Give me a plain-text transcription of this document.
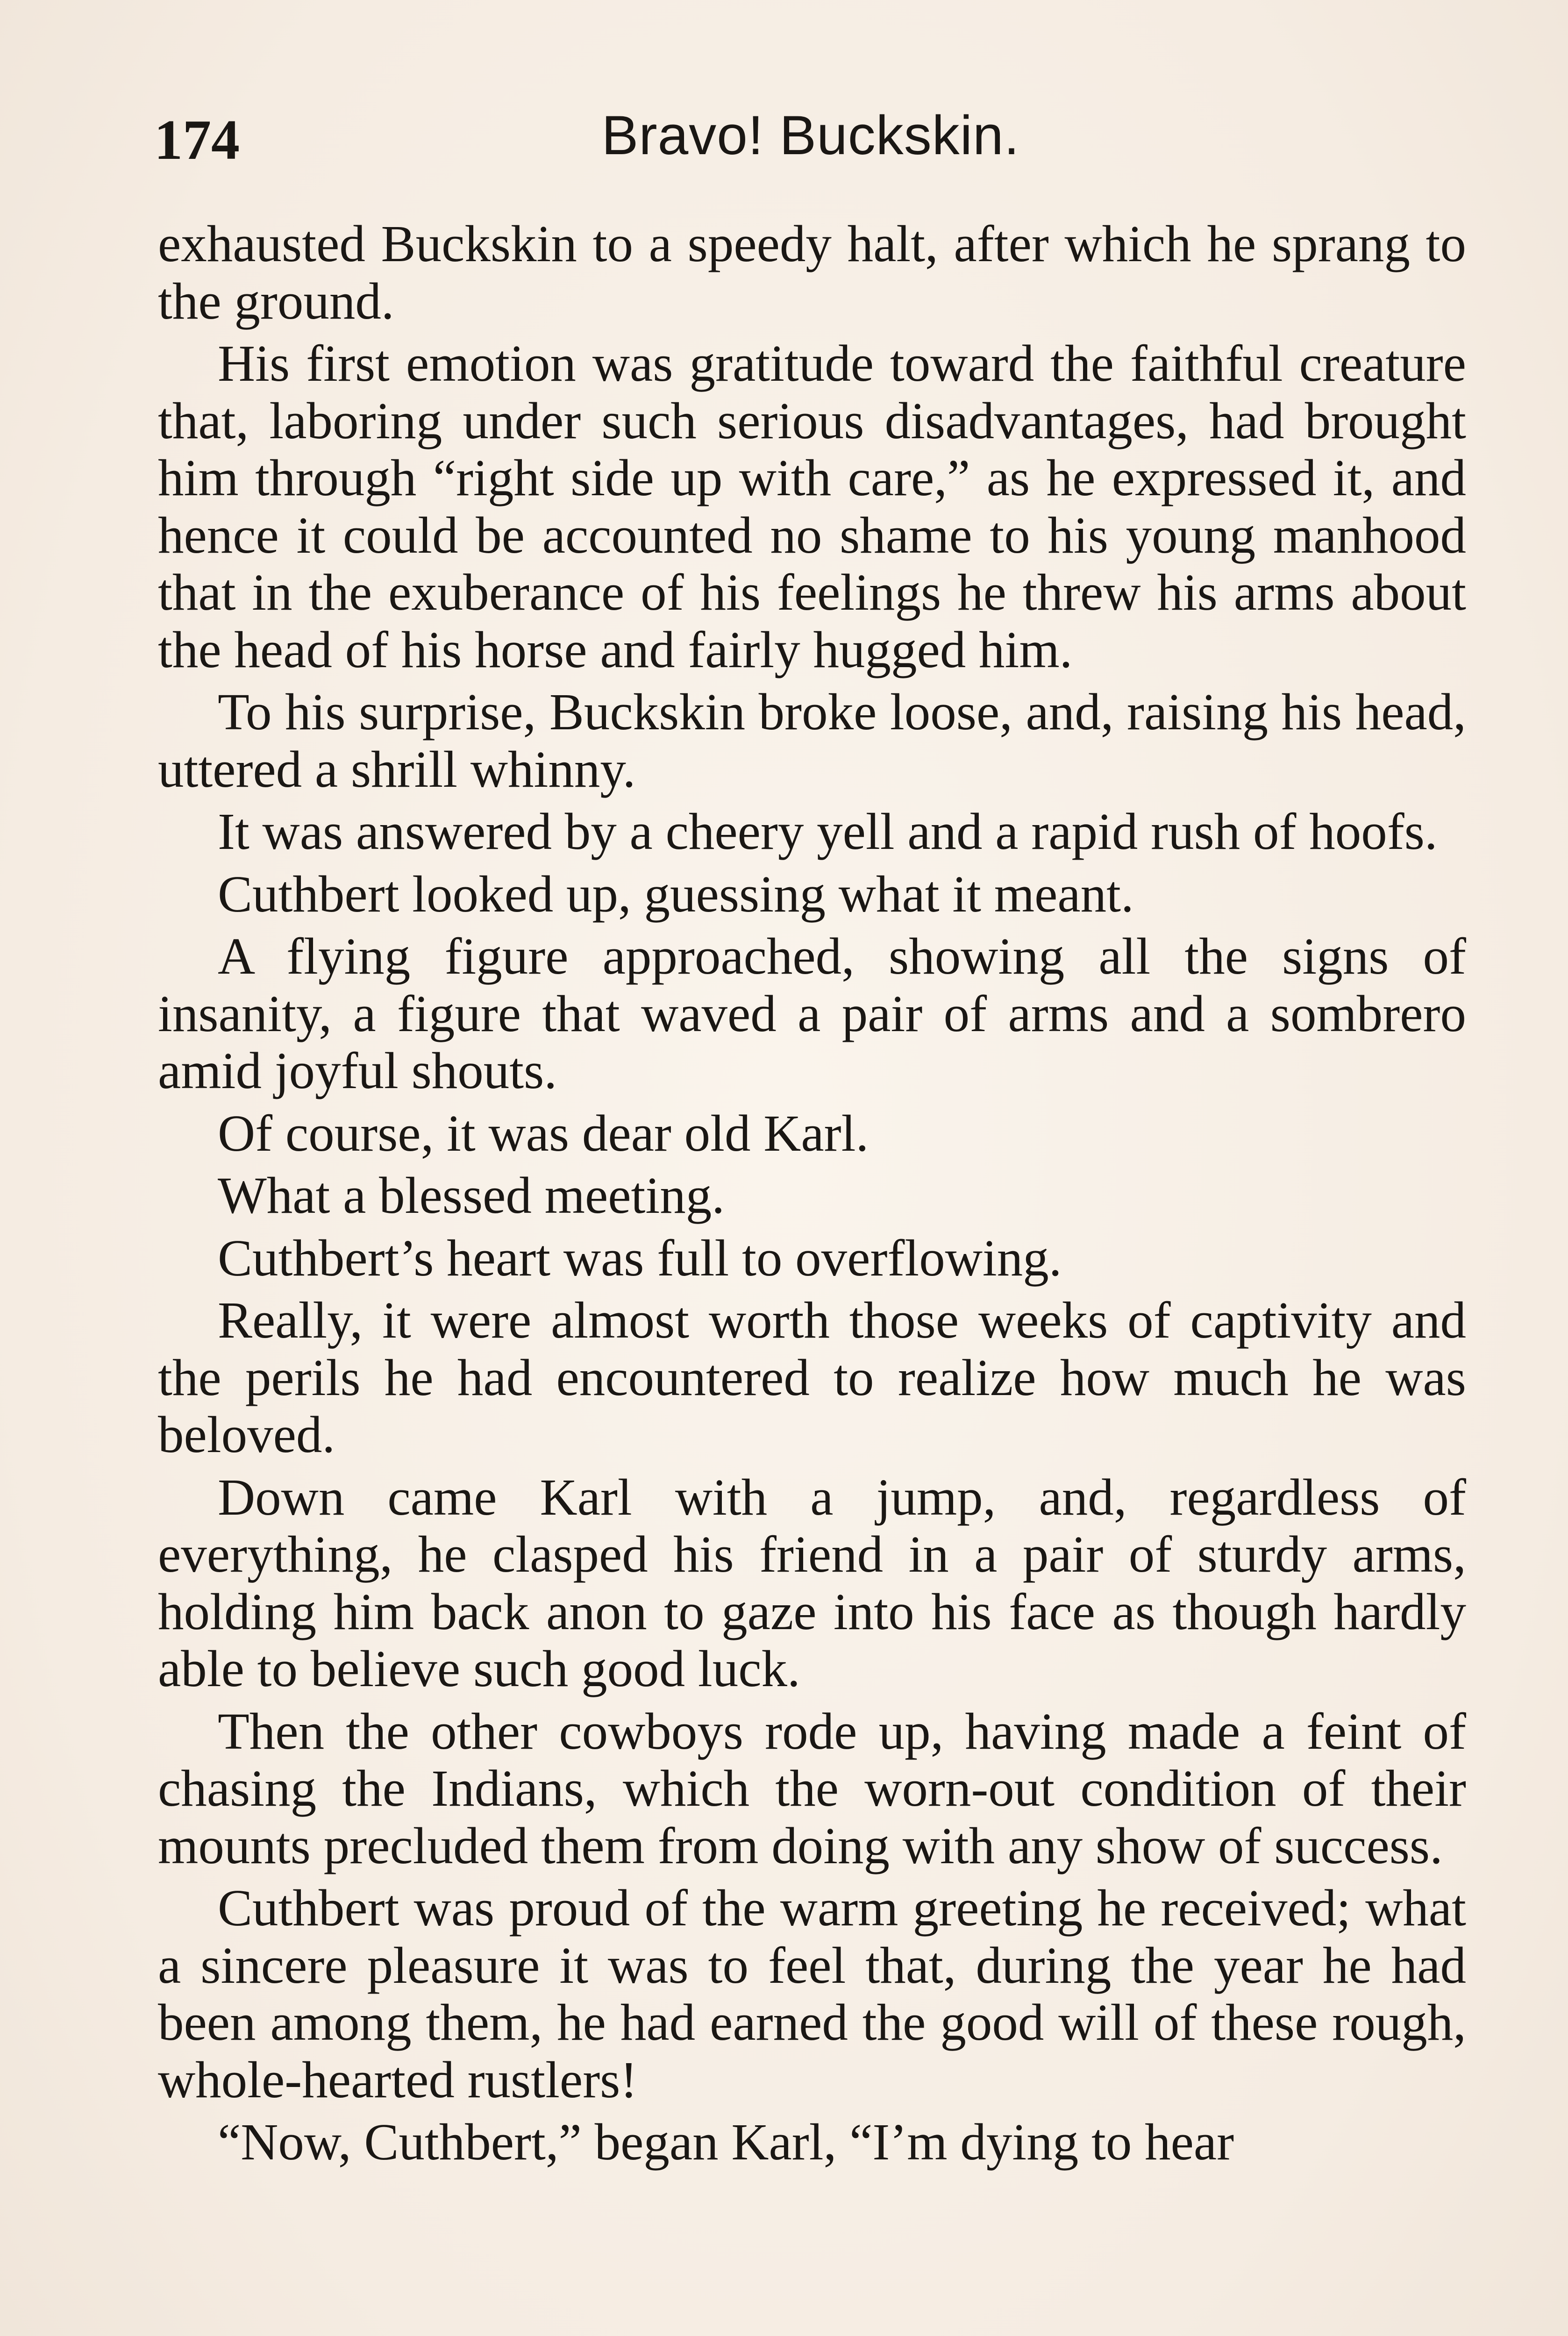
174	Bravo! Buckskin.

exhausted Buckskin to a speedy halt, after which he sprang to the ground.

His first emotion was gratitude toward the faithful creature that, laboring under such serious disadvantages, had brought him through “right side up with care,” as he expressed it, and hence it could be accounted no shame to his young manhood that in the exuberance of his feelings he threw his arms about the head of his horse and fairly hugged him.

To his surprise, Buckskin broke loose, and, raising his head, uttered a shrill whinny.

It was answered by a cheery yell and a rapid rush of hoofs.

Cuthbert looked up, guessing what it meant.

A flying figure approached, showing all the signs of insanity, a figure that waved a pair of arms and a sombrero amid joyful shouts.

Of course, it was dear old Karl.

What a blessed meeting.

Cuthbert’s heart was full to overflowing.

Really, it were almost worth those weeks of captivity and the perils he had encountered to realize how much he was beloved.

Down came Karl with a jump, and, regardless of everything, he clasped his friend in a pair of sturdy arms, holding him back anon to gaze into his face as though hardly able to believe such good luck.

Then the other cowboys rode up, having made a feint of chasing the Indians, which the worn-out condition of their mounts precluded them from doing with any show of success.

Cuthbert was proud of the warm greeting he received; what a sincere pleasure it was to feel that, during the year he had been among them, he had earned the good will of these rough, whole-hearted rustlers!

“Now, Cuthbert,” began Karl, “I’m dying to hear
